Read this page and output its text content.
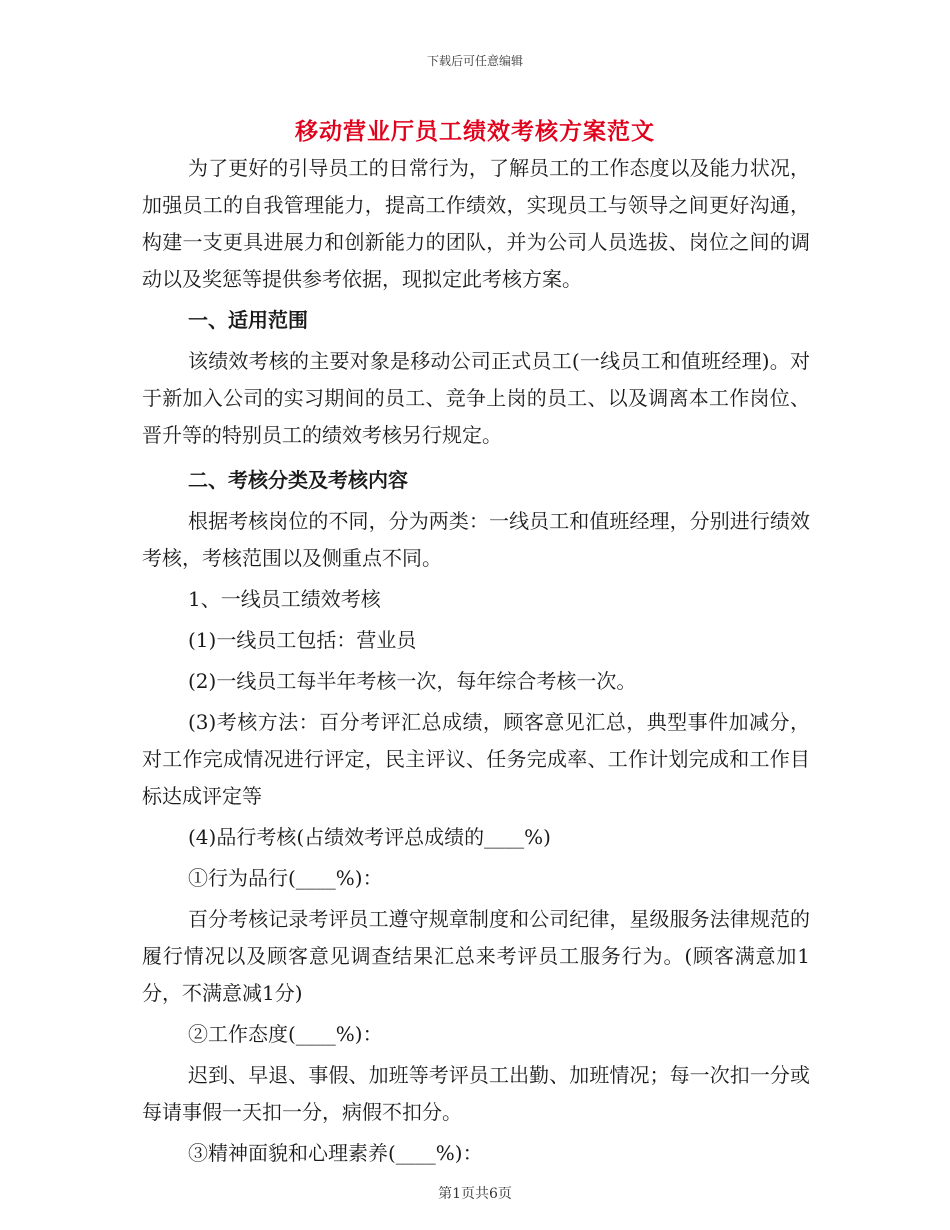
下载后可任意编辑
移动营业厅员工绩效考核方案范文

为了更好的引导员工的日常行为，了解员工的工作态度以及能力状况，加强员工的自我管理能力，提高工作绩效，实现员工与领导之间更好沟通，构建一支更具进展力和创新能力的团队，并为公司人员选拔、岗位之间的调动以及奖惩等提供参考依据，现拟定此考核方案。

一、适用范围

该绩效考核的主要对象是移动公司正式员工(一线员工和值班经理)。对于新加入公司的实习期间的员工、竞争上岗的员工、以及调离本工作岗位、晋升等的特别员工的绩效考核另行规定。

二、考核分类及考核内容

根据考核岗位的不同，分为两类：一线员工和值班经理，分别进行绩效考核，考核范围以及侧重点不同。

1、一线员工绩效考核

(1)一线员工包括：营业员

(2)一线员工每半年考核一次，每年综合考核一次。

(3)考核方法：百分考评汇总成绩，顾客意见汇总，典型事件加减分，对工作完成情况进行评定，民主评议、任务完成率、工作计划完成和工作目标达成评定等

(4)品行考核(占绩效考评总成绩的____%)

①行为品行(____%)：

百分考核记录考评员工遵守规章制度和公司纪律，星级服务法律规范的履行情况以及顾客意见调查结果汇总来考评员工服务行为。(顾客满意加1分，不满意减1分)

②工作态度(____%)：

迟到、早退、事假、加班等考评员工出勤、加班情况；每一次扣一分或每请事假一天扣一分，病假不扣分。

③精神面貌和心理素养(____%)：

第1页共6页
